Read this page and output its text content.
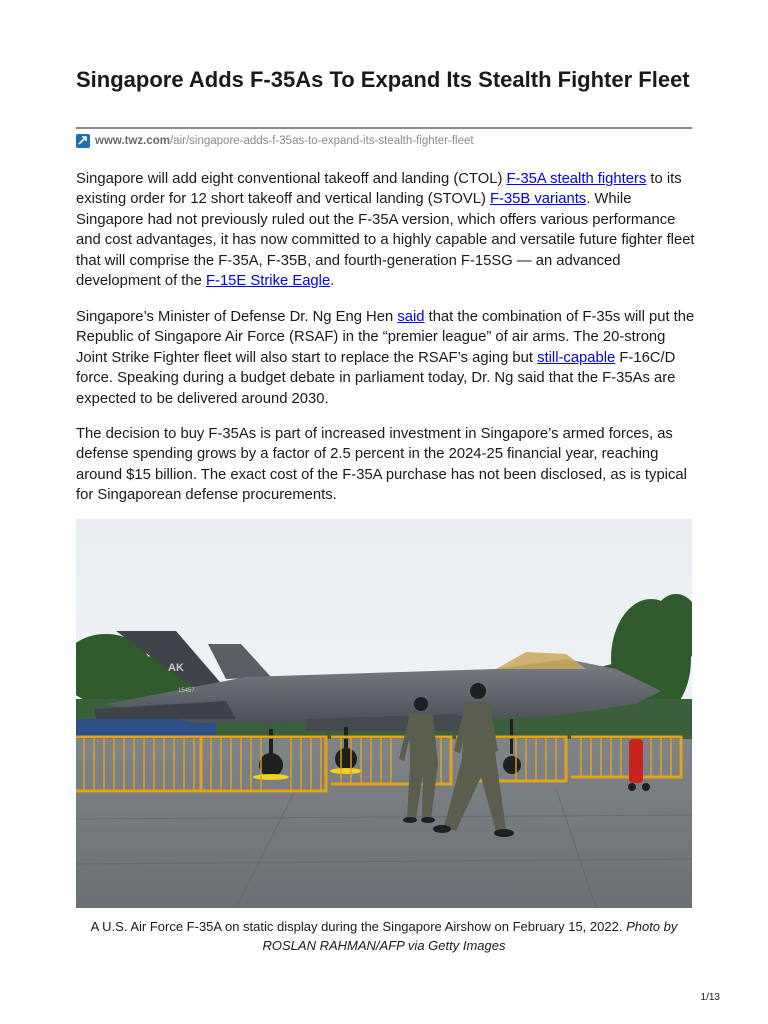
Singapore Adds F-35As To Expand Its Stealth Fighter Fleet
www.twz.com /air/singapore-adds-f-35as-to-expand-its-stealth-fighter-fleet

Singapore will add eight conventional takeoff and landing (CTOL) F-35A stealth fighters to its existing order for 12 short takeoff and vertical landing (STOVL) F-35B variants. While Singapore had not previously ruled out the F-35A version, which offers various performance and cost advantages, it has now committed to a highly capable and versatile future fighter fleet that will comprise the F-35A, F-35B, and fourth-generation F-15SG — an advanced development of the F-15E Strike Eagle.

Singapore’s Minister of Defense Dr. Ng Eng Hen said that the combination of F-35s will put the Republic of Singapore Air Force (RSAF) in the “premier league” of air arms. The 20-strong Joint Strike Fighter fleet will also start to replace the RSAF’s aging but still-capable F-16C/D force. Speaking during a budget debate in parliament today, Dr. Ng said that the F-35As are expected to be delivered around 2030.

The decision to buy F-35As is part of increased investment in Singapore’s armed forces, as defense spending grows by a factor of 2.5 percent in the 2024-25 financial year, reaching around $15 billion. The exact cost of the F-35A purchase has not been disclosed, as is typical for Singaporean defense procurements.

AK
15457

A U.S. Air Force F-35A on static display during the Singapore Airshow on February 15, 2022. Photo by ROSLAN RAHMAN/AFP via Getty Images

1/13
